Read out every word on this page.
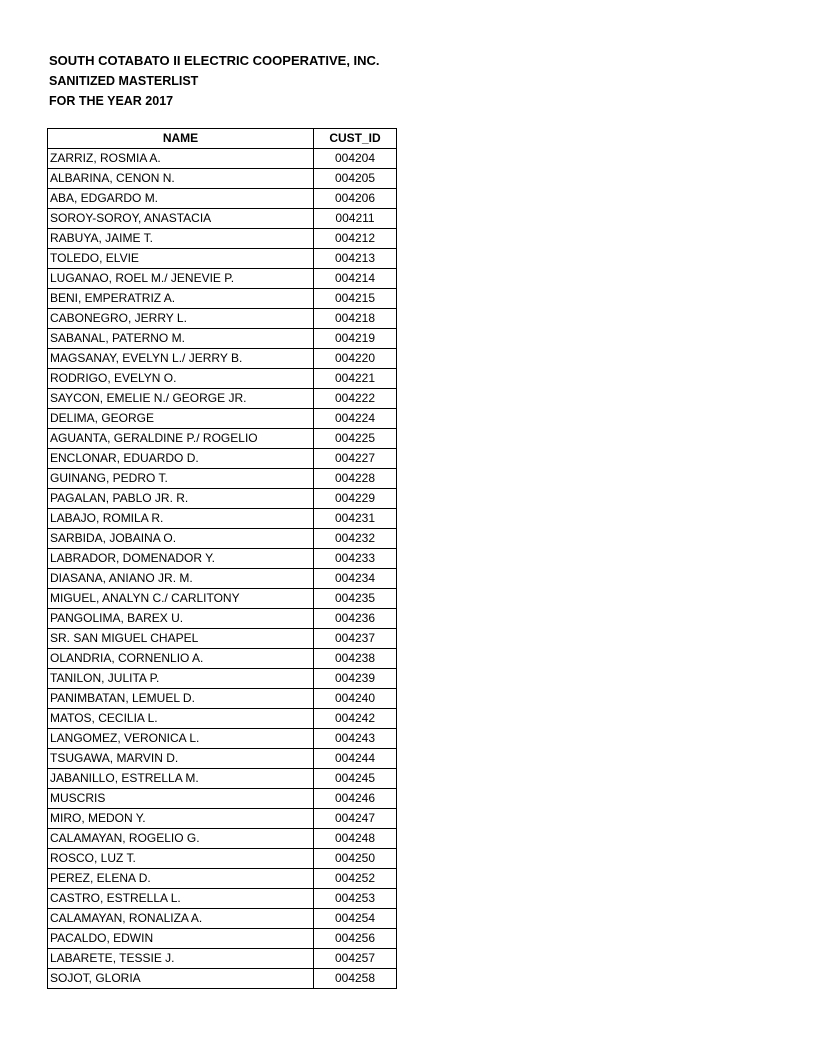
SOUTH COTABATO II ELECTRIC COOPERATIVE, INC.
SANITIZED MASTERLIST
FOR THE YEAR 2017
NAME	CUST_ID
ZARRIZ, ROSMIA A.	004204
ALBARINA, CENON N.	004205
ABA, EDGARDO M.	004206
SOROY-SOROY, ANASTACIA	004211
RABUYA, JAIME T.	004212
TOLEDO, ELVIE	004213
LUGANAO, ROEL M./ JENEVIE P.	004214
BENI, EMPERATRIZ A.	004215
CABONEGRO, JERRY L.	004218
SABANAL, PATERNO M.	004219
MAGSANAY, EVELYN L./ JERRY B.	004220
RODRIGO, EVELYN O.	004221
SAYCON, EMELIE N./ GEORGE JR.	004222
DELIMA, GEORGE	004224
AGUANTA, GERALDINE P./ ROGELIO	004225
ENCLONAR, EDUARDO D.	004227
GUINANG, PEDRO T.	004228
PAGALAN, PABLO JR. R.	004229
LABAJO, ROMILA R.	004231
SARBIDA, JOBAINA O.	004232
LABRADOR, DOMENADOR Y.	004233
DIASANA, ANIANO JR. M.	004234
MIGUEL, ANALYN C./ CARLITONY	004235
PANGOLIMA, BAREX U.	004236
SR. SAN MIGUEL CHAPEL	004237
OLANDRIA, CORNENLIO A.	004238
TANILON, JULITA P.	004239
PANIMBATAN, LEMUEL D.	004240
MATOS, CECILIA L.	004242
LANGOMEZ, VERONICA L.	004243
TSUGAWA, MARVIN D.	004244
JABANILLO, ESTRELLA M.	004245
MUSCRIS	004246
MIRO, MEDON Y.	004247
CALAMAYAN, ROGELIO G.	004248
ROSCO, LUZ T.	004250
PEREZ, ELENA D.	004252
CASTRO, ESTRELLA L.	004253
CALAMAYAN, RONALIZA A.	004254
PACALDO, EDWIN	004256
LABARETE, TESSIE J.	004257
SOJOT, GLORIA	004258
